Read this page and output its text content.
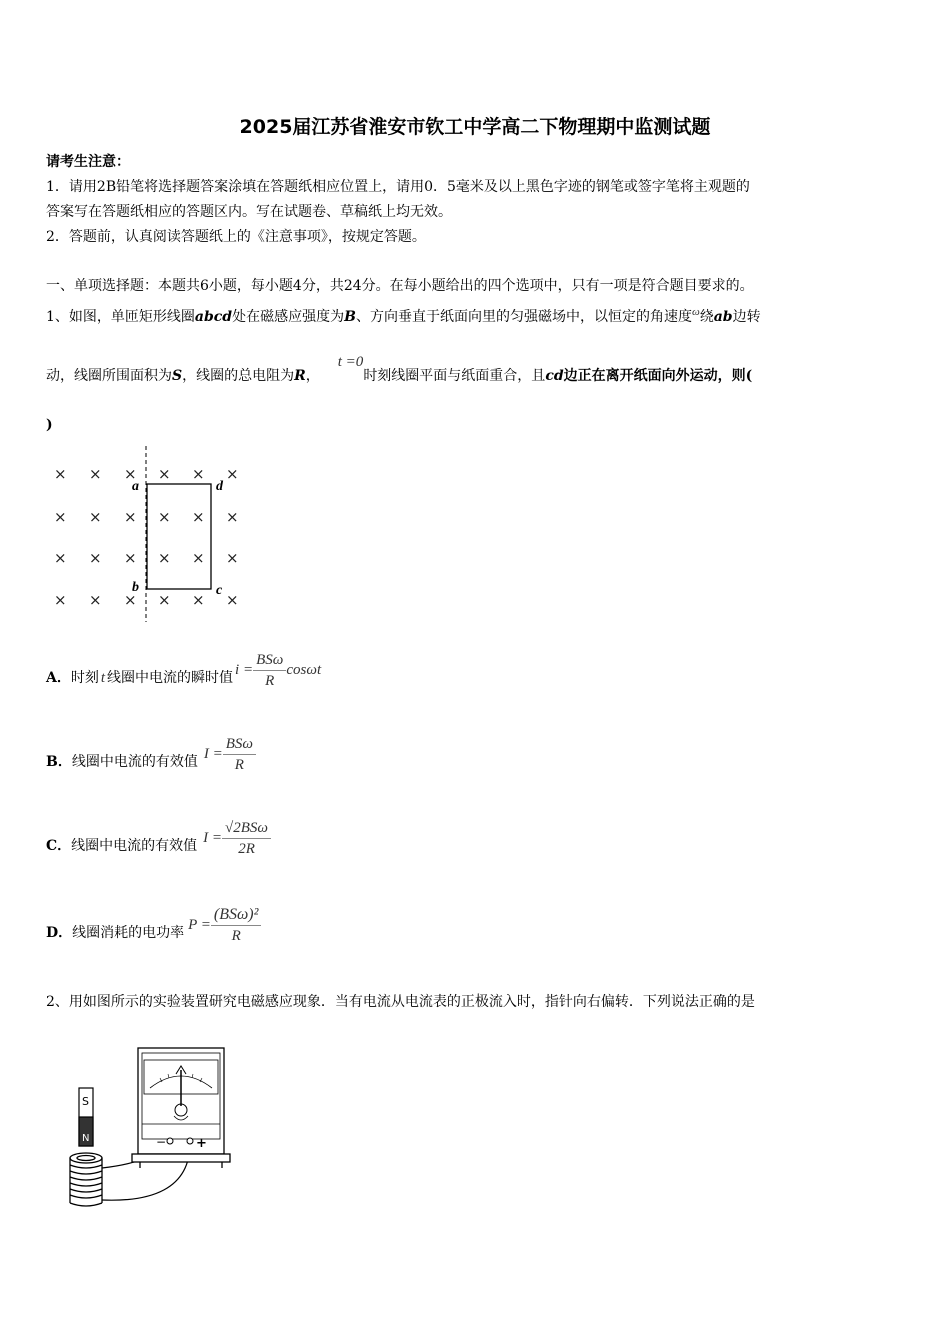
2025届江苏省淮安市钦工中学高二下物理期中监测试题
请考生注意：
1．请用2B铅笔将选择题答案涂填在答题纸相应位置上，请用0．5毫米及以上黑色字迹的钢笔或签字笔将主观题的
答案写在答题纸相应的答题区内。写在试题卷、草稿纸上均无效。
2．答题前，认真阅读答题纸上的《注意事项》，按规定答题。
一、单项选择题：本题共6小题，每小题4分，共24分。在每小题给出的四个选项中，只有一项是符合题目要求的。
1、如图，单匝矩形线圈abcd处在磁感应强度为B、方向垂直于纸面向里的匀强磁场中，以恒定的角速度$^\omega$绕ab边转
动，线圈所围面积为S，线圈的总电阻为R，t =0时刻线圈平面与纸面重合，且cd边正在离开纸面向外运动，则(
)
× × × × × ×
× × × × × ×
× × × × × ×
× × × × × ×
a	d
b	c
A． 时刻 t 线圈中电流的瞬时值 $i = \frac{\text{BSω}}{R}$ cosωt
B． 线圈中电流的有效值 $I = \frac{\text{BSω}}{R}$
C． 线圈中电流的有效值 $I = \frac{\text{√2BSω}}{2R}$
D． 线圈消耗的电功率 $P = \frac{\text{(BSω)²}}{R}$
2、用如图所示的实验装置研究电磁感应现象．当有电流从电流表的正极流入时，指针向右偏转．下列说法正确的是
S
N	− +
